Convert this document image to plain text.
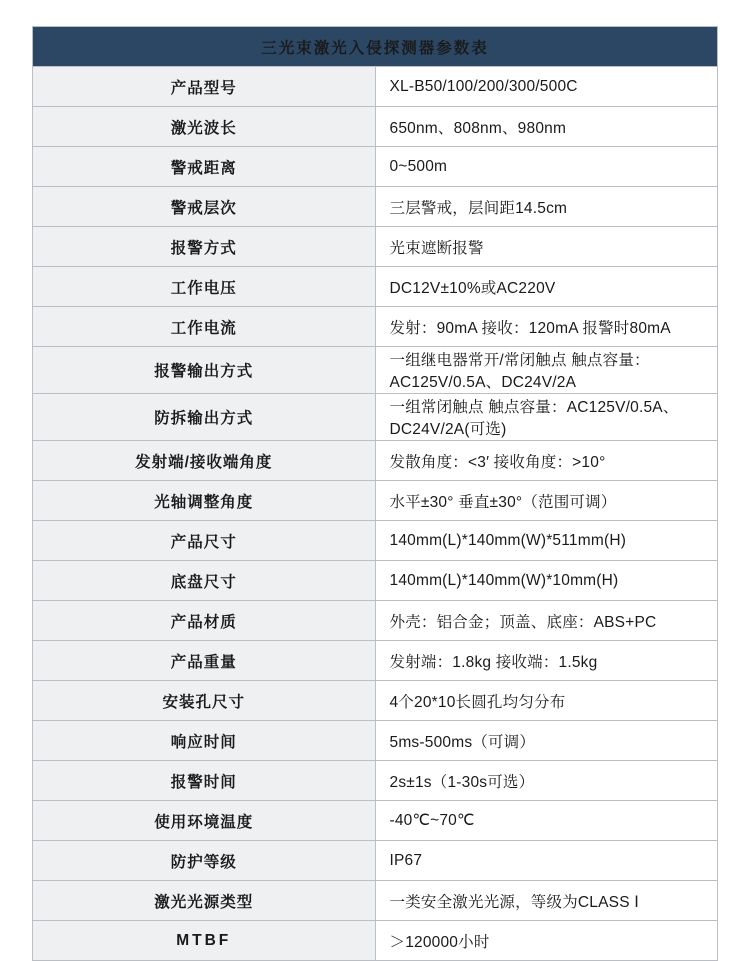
三光束激光入侵探测器参数表	
产品型号	XL-B50/100/200/300/500C
激光波长	650nm、808nm、980nm
警戒距离	0~500m
警戒层次	三层警戒，层间距14.5cm
报警方式	光束遮断报警
工作电压	DC12V±10%或AC220V
工作电流	发射：90mA 接收：120mA 报警时80mA
报警输出方式	一组继电器常开/常闭触点 触点容量：AC125V/0.5A、DC24V/2A
防拆输出方式	一组常闭触点 触点容量：AC125V/0.5A、DC24V/2A(可选)
发射端/接收端角度	发散角度：<3′ 接收角度：>10°
光轴调整角度	水平±30° 垂直±30°（范围可调）
产品尺寸	140mm(L)*140mm(W)*511mm(H)
底盘尺寸	140mm(L)*140mm(W)*10mm(H)
产品材质	外壳：铝合金；顶盖、底座：ABS+PC
产品重量	发射端：1.8kg 接收端：1.5kg
安装孔尺寸	4个20*10长圆孔均匀分布
响应时间	5ms-500ms（可调）
报警时间	2s±1s（1-30s可选）
使用环境温度	-40℃~70℃
防护等级	IP67
激光光源类型	一类安全激光光源，等级为CLASS Ⅰ
MTBF	＞120000小时
